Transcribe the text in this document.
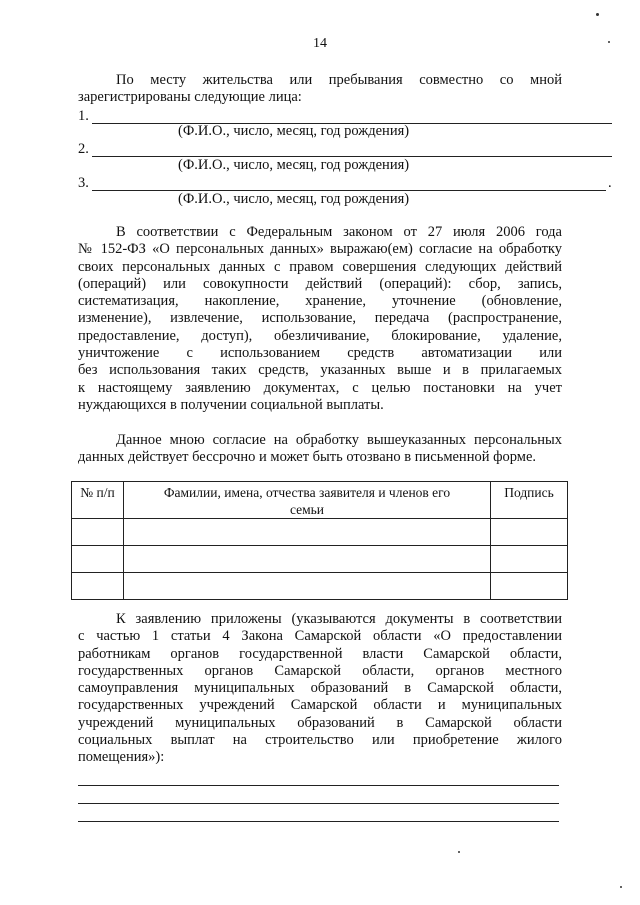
14
По месту жительства или пребывания совместно со мной
зарегистрированы следующие лица:
1.
(Ф.И.О., число, месяц, год рождения)
2.
(Ф.И.О., число, месяц, год рождения)
3.	.
(Ф.И.О., число, месяц, год рождения)
В соответствии с Федеральным законом от 27 июля 2006 года
№ 152-ФЗ «О персональных данных» выражаю(ем) согласие на обработку
своих персональных данных с правом совершения следующих действий
(операций) или совокупности действий (операций): сбор, запись,
систематизация, накопление, хранение, уточнение (обновление,
изменение), извлечение, использование, передача (распространение,
предоставление, доступ), обезличивание, блокирование, удаление,
уничтожение с использованием средств автоматизации или
без использования таких средств, указанных выше и в прилагаемых
к настоящему заявлению документах, с целью постановки на учет
нуждающихся в получении социальной выплаты.
Данное мною согласие на обработку вышеуказанных персональных
данных действует бессрочно и может быть отозвано в письменной форме.
№ п/п	Фамилии, имена, отчества заявителя и членов его семьи	Подпись

К заявлению приложены (указываются документы в соответствии
с частью 1 статьи 4 Закона Самарской области «О предоставлении
работникам органов государственной власти Самарской области,
государственных органов Самарской области, органов местного
самоуправления муниципальных образований в Самарской области,
государственных учреждений Самарской области и муниципальных
учреждений муниципальных образований в Самарской области
социальных выплат на строительство или приобретение жилого
помещения»):
